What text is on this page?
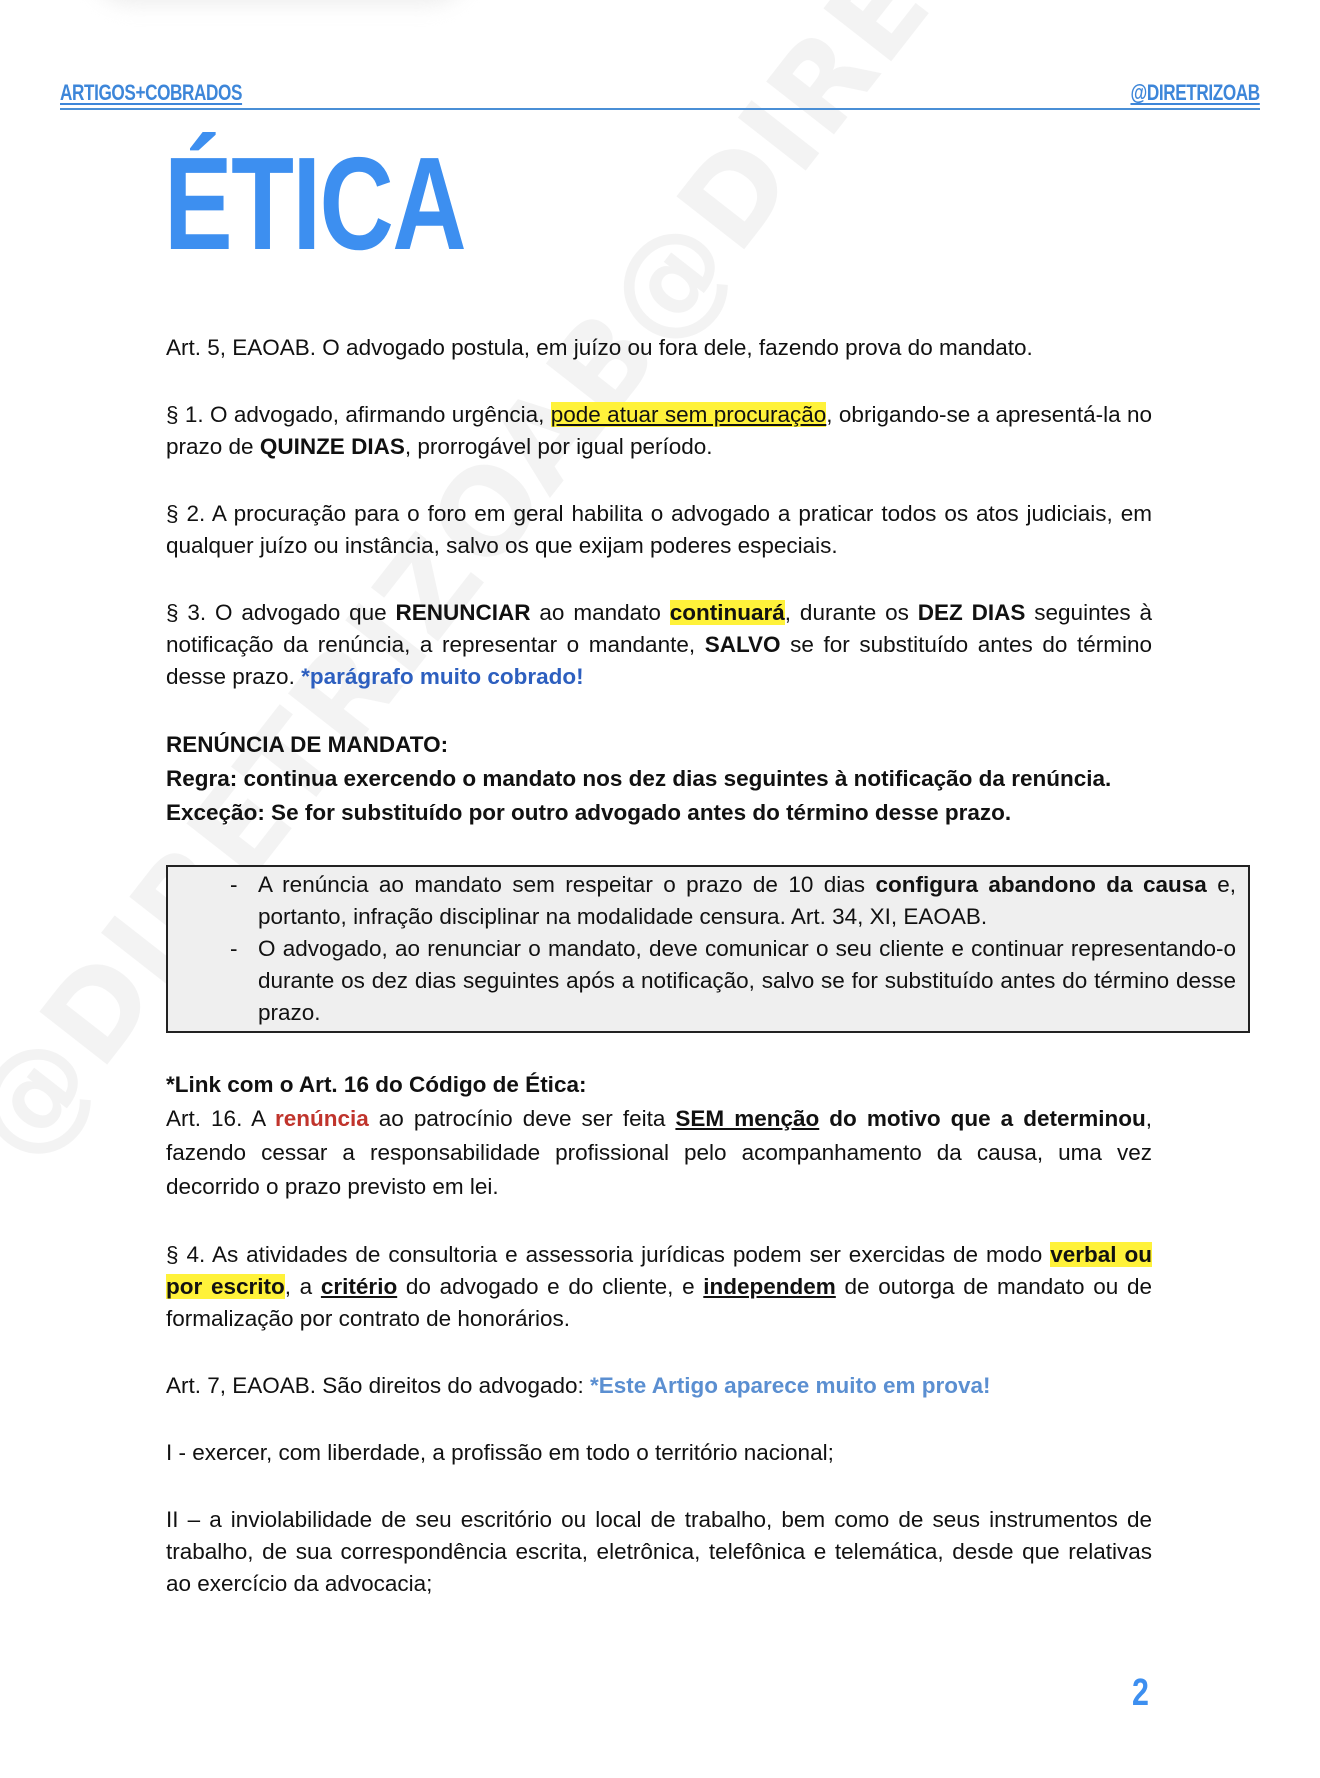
ARTIGOS+COBRADOS	@DIRETRIZOAB
ÉTICA

Art. 5, EAOAB. O advogado postula, em juízo ou fora dele, fazendo prova do mandato.

§ 1. O advogado, afirmando urgência, pode atuar sem procuração, obrigando-se a apresentá-la no prazo de QUINZE DIAS, prorrogável por igual período.

§ 2. A procuração para o foro em geral habilita o advogado a praticar todos os atos judiciais, em qualquer juízo ou instância, salvo os que exijam poderes especiais.

§ 3. O advogado que RENUNCIAR ao mandato continuará, durante os DEZ DIAS seguintes à notificação da renúncia, a representar o mandante, SALVO se for substituído antes do término desse prazo. *parágrafo muito cobrado!

RENÚNCIA DE MANDATO:

Regra: continua exercendo o mandato nos dez dias seguintes à notificação da renúncia.

Exceção: Se for substituído por outro advogado antes do término desse prazo.

- A renúncia ao mandato sem respeitar o prazo de 10 dias configura abandono da causa e, portanto, infração disciplinar na modalidade censura. Art. 34, XI, EAOAB.
- O advogado, ao renunciar o mandato, deve comunicar o seu cliente e continuar representando-o durante os dez dias seguintes após a notificação, salvo se for substituído antes do término desse prazo.

*Link com o Art. 16 do Código de Ética:

Art. 16. A renúncia ao patrocínio deve ser feita SEM menção do motivo que a determinou, fazendo cessar a responsabilidade profissional pelo acompanhamento da causa, uma vez decorrido o prazo previsto em lei.

§ 4. As atividades de consultoria e assessoria jurídicas podem ser exercidas de modo verbal ou por escrito, a critério do advogado e do cliente, e independem de outorga de mandato ou de formalização por contrato de honorários.

Art. 7, EAOAB. São direitos do advogado: *Este Artigo aparece muito em prova!

I - exercer, com liberdade, a profissão em todo o território nacional;

II – a inviolabilidade de seu escritório ou local de trabalho, bem como de seus instrumentos de trabalho, de sua correspondência escrita, eletrônica, telefônica e telemática, desde que relativas ao exercício da advocacia;

2
